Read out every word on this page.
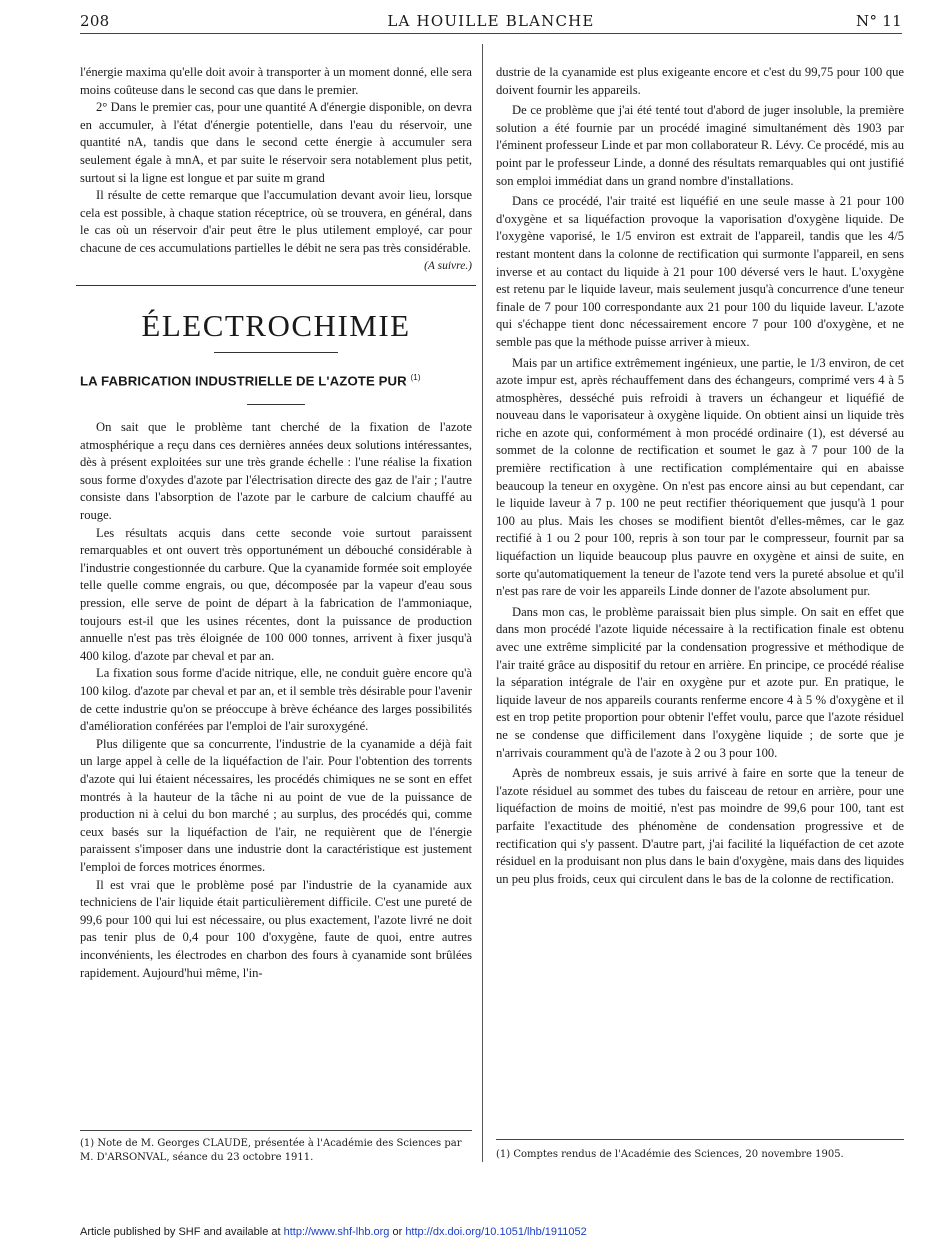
208	LA HOUILLE BLANCHE	N° 11

l'énergie maxima qu'elle doit avoir à transporter à un moment donné, elle sera moins coûteuse dans le second cas que dans le premier.

2° Dans le premier cas, pour une quantité A d'énergie disponible, on devra en accumuler, à l'état d'énergie potentielle, dans l'eau du réservoir, une quantité nA, tandis que dans le second cette énergie à accumuler sera seulement égale à mnA, et par suite le réservoir sera notablement plus petit, surtout si la ligne est longue et par suite m grand

Il résulte de cette remarque que l'accumulation devant avoir lieu, lorsque cela est possible, à chaque station réceptrice, où se trouvera, en général, dans le cas où un réservoir d'air peut être le plus utilement employé, car pour chacune de ces accumulations partielles le débit ne sera pas très considérable.

(A suivre.)

ÉLECTROCHIMIE
LA FABRICATION INDUSTRIELLE DE L'AZOTE PUR $^{(1)}$

On sait que le problème tant cherché de la fixation de l'azote atmosphérique a reçu dans ces dernières années deux solutions intéressantes, dès à présent exploitées sur une très grande échelle : l'une réalise la fixation sous forme d'oxydes d'azote par l'électrisation directe des gaz de l'air ; l'autre consiste dans l'absorption de l'azote par le carbure de calcium chauffé au rouge.

Les résultats acquis dans cette seconde voie surtout paraissent remarquables et ont ouvert très opportunément un débouché considérable à l'industrie congestionnée du carbure. Que la cyanamide formée soit employée telle quelle comme engrais, ou que, décomposée par la vapeur d'eau sous pression, elle serve de point de départ à la fabrication de l'ammoniaque, toujours est-il que les usines récentes, dont la puissance de production annuelle n'est pas très éloignée de 100 000 tonnes, arrivent à fixer jusqu'à 400 kilog. d'azote par cheval et par an.

La fixation sous forme d'acide nitrique, elle, ne conduit guère encore qu'à 100 kilog. d'azote par cheval et par an, et il semble très désirable pour l'avenir de cette industrie qu'on se préoccupe à brève échéance des larges possibilités d'amélioration conférées par l'emploi de l'air suroxygéné.

Plus diligente que sa concurrente, l'industrie de la cyanamide a déjà fait un large appel à celle de la liquéfaction de l'air. Pour l'obtention des torrents d'azote qui lui étaient nécessaires, les procédés chimiques ne se sont en effet montrés à la hauteur de la tâche ni au point de vue de la puissance de production ni à celui du bon marché ; au surplus, des procédés qui, comme ceux basés sur la liquéfaction de l'air, ne requièrent que de l'énergie paraissent s'imposer dans une industrie dont la caractéristique est justement l'emploi de forces motrices énormes.

Il est vrai que le problème posé par l'industrie de la cyanamide aux techniciens de l'air liquide était particulièrement difficile. C'est une pureté de 99,6 pour 100 qui lui est nécessaire, ou plus exactement, l'azote livré ne doit pas tenir plus de 0,4 pour 100 d'oxygène, faute de quoi, entre autres inconvénients, les électrodes en charbon des fours à cyanamide sont brûlées rapidement. Aujourd'hui même, l'in-

dustrie de la cyanamide est plus exigeante encore et c'est du 99,75 pour 100 que doivent fournir les appareils.

De ce problème que j'ai été tenté tout d'abord de juger insoluble, la première solution a été fournie par un procédé imaginé simultanément dès 1903 par l'éminent professeur Linde et par mon collaborateur R. Lévy. Ce procédé, mis au point par le professeur Linde, a donné des résultats remarquables qui ont justifié son emploi immédiat dans un grand nombre d'installations.

Dans ce procédé, l'air traité est liquéfié en une seule masse à 21 pour 100 d'oxygène et sa liquéfaction provoque la vaporisation d'oxygène liquide. De l'oxygène vaporisé, le 1/5 environ est extrait de l'appareil, tandis que les 4/5 restant montent dans la colonne de rectification qui surmonte l'appareil, en sens inverse et au contact du liquide à 21 pour 100 déversé vers le haut. L'oxygène est retenu par le liquide laveur, mais seulement jusqu'à concurrence d'une teneur finale de 7 pour 100 correspondante aux 21 pour 100 du liquide laveur. L'azote qui s'échappe tient donc nécessairement encore 7 pour 100 d'oxygène, et ne semble pas que la méthode puisse arriver à mieux.

Mais par un artifice extrêmement ingénieux, une partie, le 1/3 environ, de cet azote impur est, après réchauffement dans des échangeurs, comprimé vers 4 à 5 atmosphères, desséché puis refroidi à travers un échangeur et liquéfié de nouveau dans le vaporisateur à oxygène liquide. On obtient ainsi un liquide très riche en azote qui, conformément à mon procédé ordinaire (1), est déversé au sommet de la colonne de rectification et soumet le gaz à 7 pour 100 de la première rectification à une rectification complémentaire qui en abaisse beaucoup la teneur en oxygène. On n'est pas encore ainsi au but cependant, car le liquide laveur à 7 p. 100 ne peut rectifier théoriquement que jusqu'à 1 pour 100 au plus. Mais les choses se modifient bientôt d'elles-mêmes, car le gaz rectifié à 1 ou 2 pour 100, repris à son tour par le compresseur, fournit par sa liquéfaction un liquide beaucoup plus pauvre en oxygène et ainsi de suite, en sorte qu'automatiquement la teneur de l'azote tend vers la pureté absolue et qu'il n'est pas rare de voir les appareils Linde donner de l'azote absolument pur.

Dans mon cas, le problème paraissait bien plus simple. On sait en effet que dans mon procédé l'azote liquide nécessaire à la rectification finale est obtenu avec une extrême simplicité par la condensation progressive et méthodique de l'air traité grâce au dispositif du retour en arrière. En principe, ce procédé réalise la séparation intégrale de l'air en oxygène pur et azote pur. En pratique, le liquide laveur de nos appareils courants renferme encore 4 à 5 % d'oxygène et il est en trop petite proportion pour obtenir l'effet voulu, parce que l'azote résiduel ne se condense que difficilement dans l'oxygène liquide ; de sorte que je n'arrivais couramment qu'à de l'azote à 2 ou 3 pour 100.

Après de nombreux essais, je suis arrivé à faire en sorte que la teneur de l'azote résiduel au sommet des tubes du faisceau de retour en arrière, pour une liquéfaction de moins de moitié, n'est pas moindre de 99,6 pour 100, tant est parfaite l'exactitude des phénomène de condensation progressive et de rectification qui s'y passent. D'autre part, j'ai facilité la liquéfaction de cet azote résiduel en la produisant non plus dans le bain d'oxygène, mais dans des liquides un peu plus froids, ceux qui circulent dans le bas de la colonne de rectification.

(1) Note de M. Georges CLAUDE, présentée à l'Académie des Sciences par M. D'ARSONVAL, séance du 23 octobre 1911.	(1) Comptes rendus de l'Académie des Sciences, 20 novembre 1905.
Article published by SHF and available at http://www.shf-lhb.org or http://dx.doi.org/10.1051/lhb/1911052
